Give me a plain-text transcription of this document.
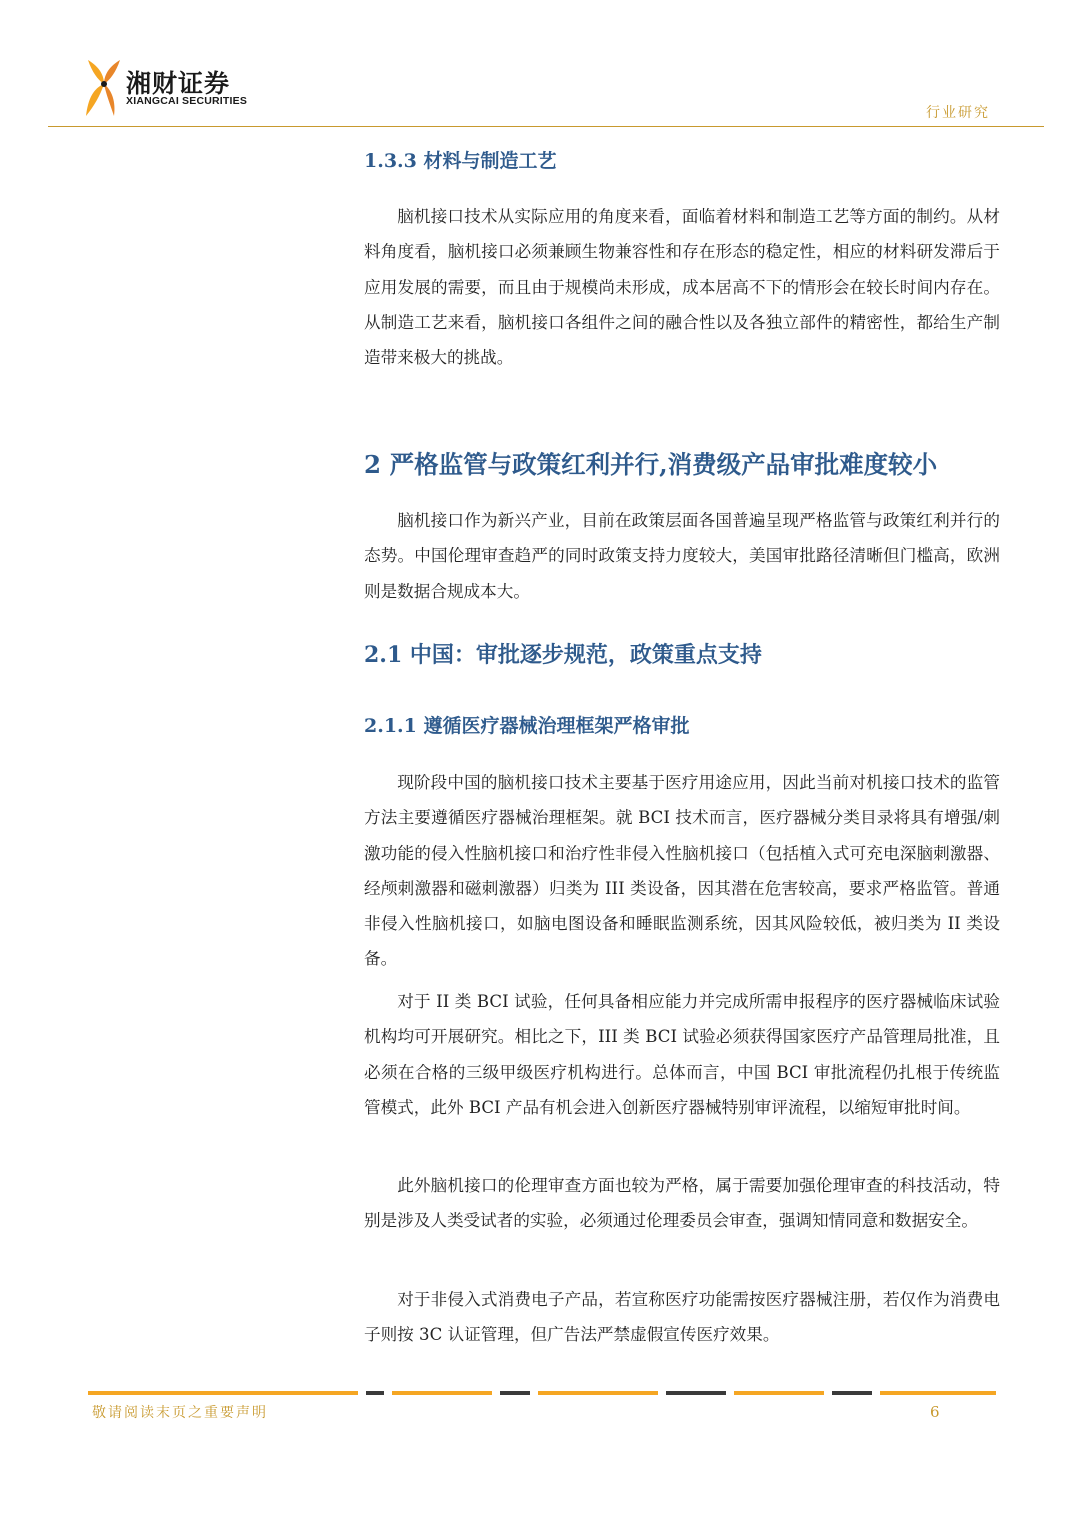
湘财证券
XIANGCAI SECURITIES
行业研究
1.3.3 材料与制造工艺
脑机接口技术从实际应用的角度来看，面临着材料和制造工艺等方面的制约。从材料角度看，脑机接口必须兼顾生物兼容性和存在形态的稳定性，相应的材料研发滞后于应用发展的需要，而且由于规模尚未形成，成本居高不下的情形会在较长时间内存在。从制造工艺来看，脑机接口各组件之间的融合性以及各独立部件的精密性，都给生产制造带来极大的挑战。
2 严格监管与政策红利并行,消费级产品审批难度较小
脑机接口作为新兴产业，目前在政策层面各国普遍呈现严格监管与政策红利并行的态势。中国伦理审查趋严的同时政策支持力度较大，美国审批路径清晰但门槛高，欧洲则是数据合规成本大。
2.1 中国：审批逐步规范，政策重点支持
2.1.1 遵循医疗器械治理框架严格审批
现阶段中国的脑机接口技术主要基于医疗用途应用，因此当前对机接口技术的监管方法主要遵循医疗器械治理框架。就 BCI 技术而言，医疗器械分类目录将具有增强/刺激功能的侵入性脑机接口和治疗性非侵入性脑机接口（包括植入式可充电深脑刺激器、经颅刺激器和磁刺激器）归类为 III 类设备，因其潜在危害较高，要求严格监管。普通非侵入性脑机接口，如脑电图设备和睡眠监测系统，因其风险较低，被归类为 II 类设备。
对于 II 类 BCI 试验，任何具备相应能力并完成所需申报程序的医疗器械临床试验机构均可开展研究。相比之下，III 类 BCI 试验必须获得国家医疗产品管理局批准，且必须在合格的三级甲级医疗机构进行。总体而言，中国 BCI 审批流程仍扎根于传统监管模式，此外 BCI 产品有机会进入创新医疗器械特别审评流程，以缩短审批时间。
此外脑机接口的伦理审查方面也较为严格，属于需要加强伦理审查的科技活动，特别是涉及人类受试者的实验，必须通过伦理委员会审查，强调知情同意和数据安全。
对于非侵入式消费电子产品，若宣称医疗功能需按医疗器械注册，若仅作为消费电子则按 3C 认证管理，但广告法严禁虚假宣传医疗效果。
敬请阅读末页之重要声明	6
